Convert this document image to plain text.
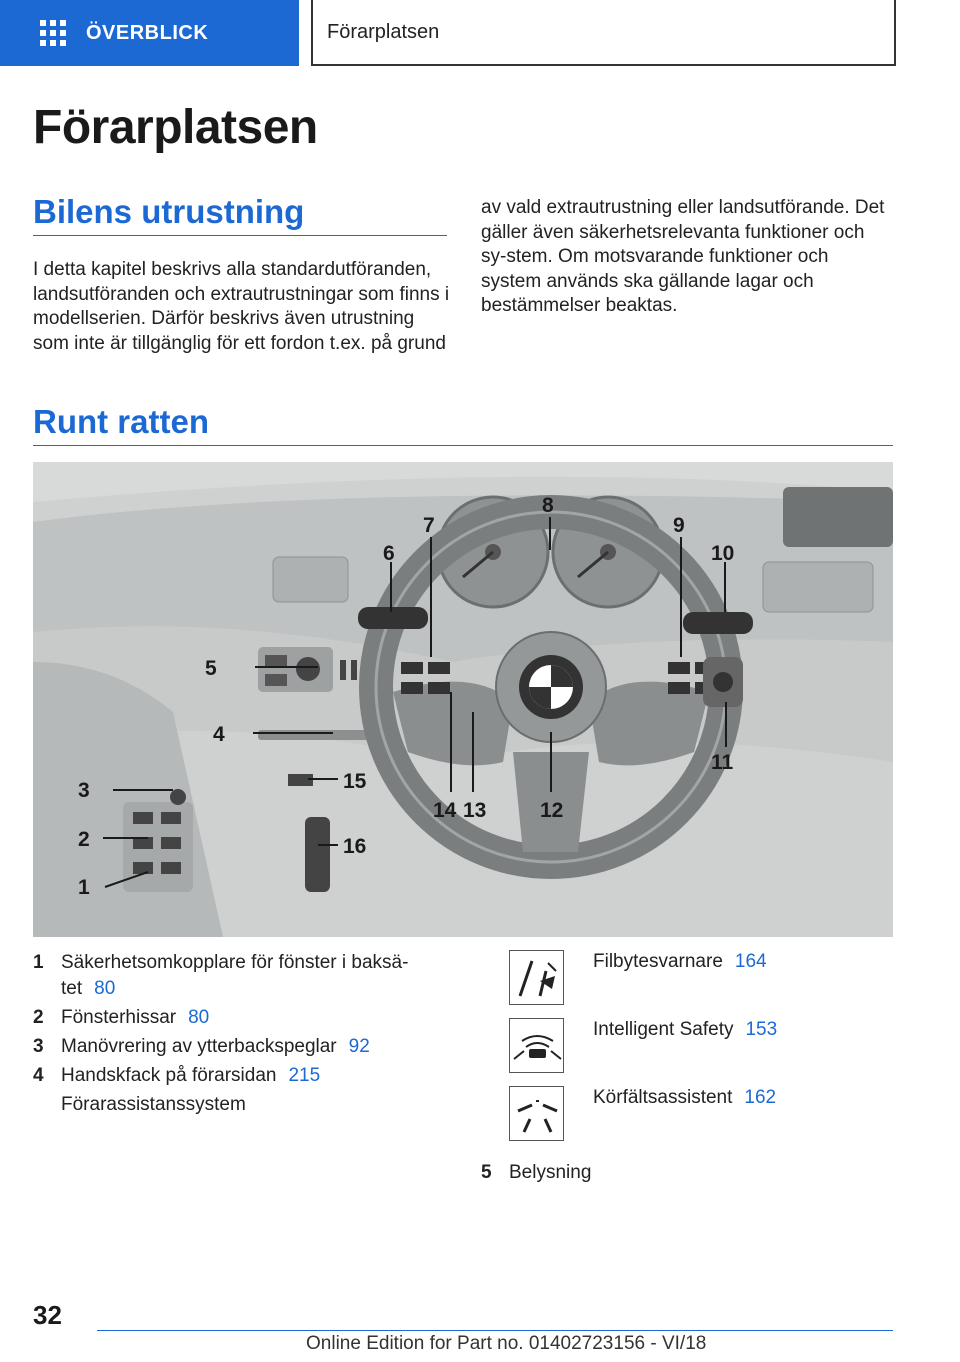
ÖVERBLICK	Förarplatsen
Förarplatsen
Bilens utrustning
I detta kapitel beskrivs alla standardutföranden, landsutföranden och extrautrustningar som finns i modellserien. Därför beskrivs även utrustning som inte är tillgänglig för ett fordon t.ex. på grund
av vald extrautrustning eller landsutförande. Det gäller även säkerhetsrelevanta funktioner och sy-stem. Om motsvarande funktioner och system används ska gällande lagar och bestämmelser beaktas.
Runt ratten
1
2
3
4
5
6
7
8
9
10
11
12
13
14
15
16
1 Säkerhetsomkopplare för fönster i baksä-tet 80
2 Fönsterhissar 80
3 Manövrering av ytterbackspeglar 92
4 Handskfack på förarsidan 215
Förarassistanssystem
Filbytesvarnare 164
Intelligent Safety 153
Körfältsassistent 162
5 Belysning
32
Online Edition for Part no. 01402723156 - VI/18
